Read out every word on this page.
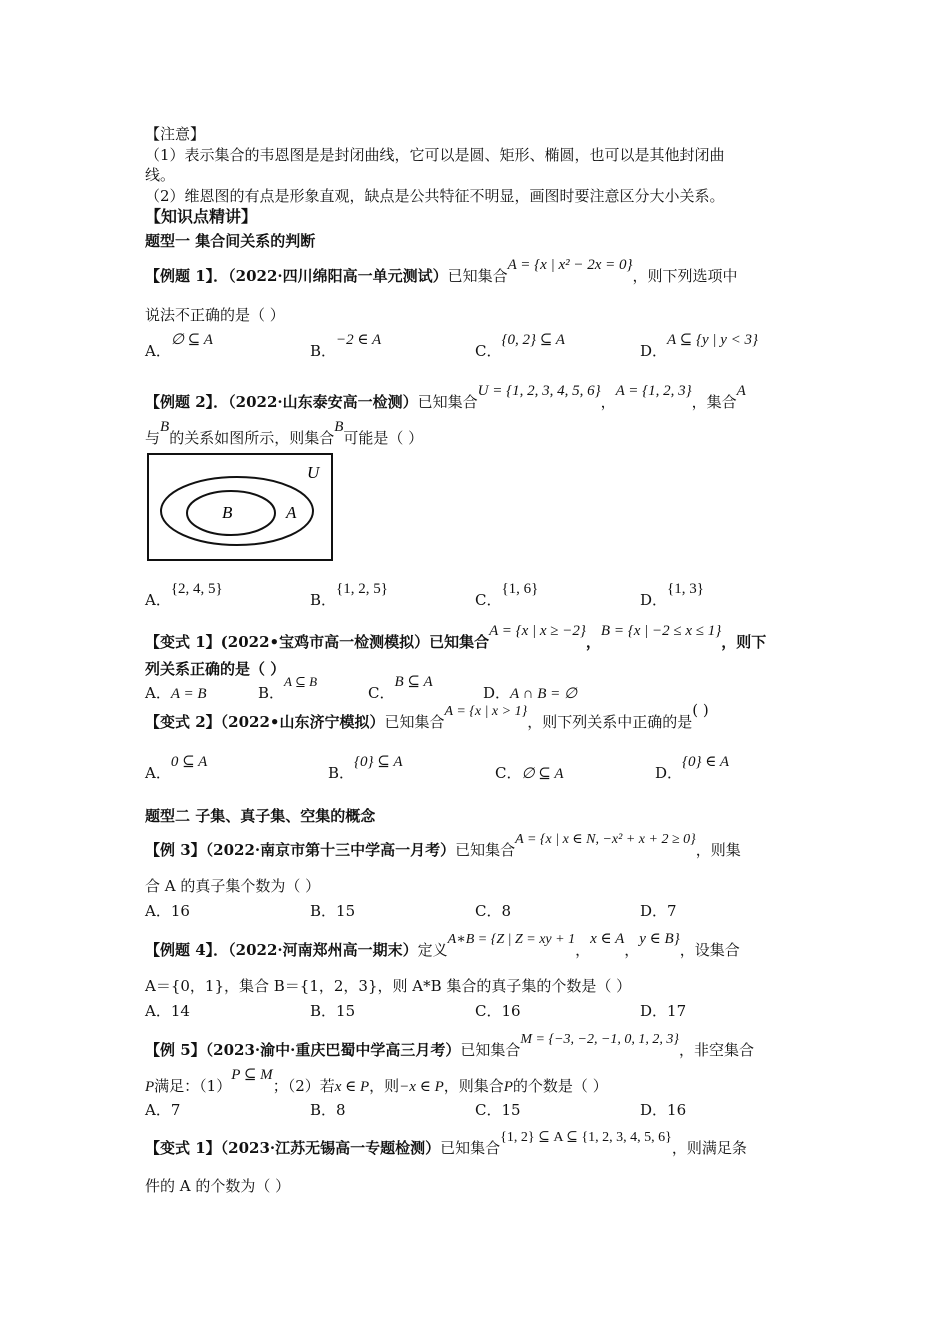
【注意】
（1）表示集合的韦恩图是是封闭曲线，它可以是圆、矩形、椭圆，也可以是其他封闭曲
线。
（2）维恩图的有点是形象直观，缺点是公共特征不明显，画图时要注意区分大小关系。
【知识点精讲】
题型一 集合间关系的判断
【例题 1】．（2022·四川绵阳高一单元测试）已知集合A = {x | x² − 2x = 0}，则下列选项中
说法不正确的是（ ）
A．∅ ⊆ A
B．−2 ∈ A
C．{0, 2} ⊆ A
D．A ⊆ {y | y < 3}
【例题 2】．（2022·山东泰安高一检测）已知集合U = {1, 2, 3, 4, 5, 6}，A = {1, 2, 3}，集合A
与B的关系如图所示，则集合B可能是（ ）
U
A
B
A．{2, 4, 5}
B．{1, 2, 5}
C．{1, 6}
D．{1, 3}
【变式 1】(2022•宝鸡市高一检测模拟）已知集合A = {x | x ≥ −2}，B = {x | −2 ≤ x ≤ 1}，则下
列关系正确的是（ ）
A．A = B	B．A ⊆ B
C．B ⊆ A
D．A ∩ B = ∅
【变式 2】（2022•山东济宁模拟）已知集合A = {x | x > 1}，则下列关系中正确的是( )
A．0 ⊆ A
B．{0} ⊆ A
C．∅ ⊆ A	D．{0} ∈ A
题型二 子集、真子集、空集的概念
【例 3】（2022·南京市第十三中学高一月考）已知集合A = {x | x ∈ N, −x² + x + 2 ≥ 0}，则集
合 A 的真子集个数为（ ）
A．16	B．15	C．8	D．7
【例题 4】．（2022·河南郑州高一期末）定义A∗B = {Z | Z = xy + 1，x ∈ A，y ∈ B}，设集合
A＝{0，1}，集合 B＝{1，2，3}，则 A*B 集合的真子集的个数是（ ）
A．14	B．15	C．16	D．17
【例 5】（2023·渝中·重庆巴蜀中学高三月考）已知集合M = {−3, −2, −1, 0, 1, 2, 3}，非空集合
P满足：（1）P ⊆ M；（2）若x ∈ P，则−x ∈ P，则集合P的个数是（ ）
A．7	B．8	C．15	D．16
【变式 1】（2023·江苏无锡高一专题检测）已知集合{1, 2} ⊆ A ⊆ {1, 2, 3, 4, 5, 6}，则满足条
件的 A 的个数为（ ）
